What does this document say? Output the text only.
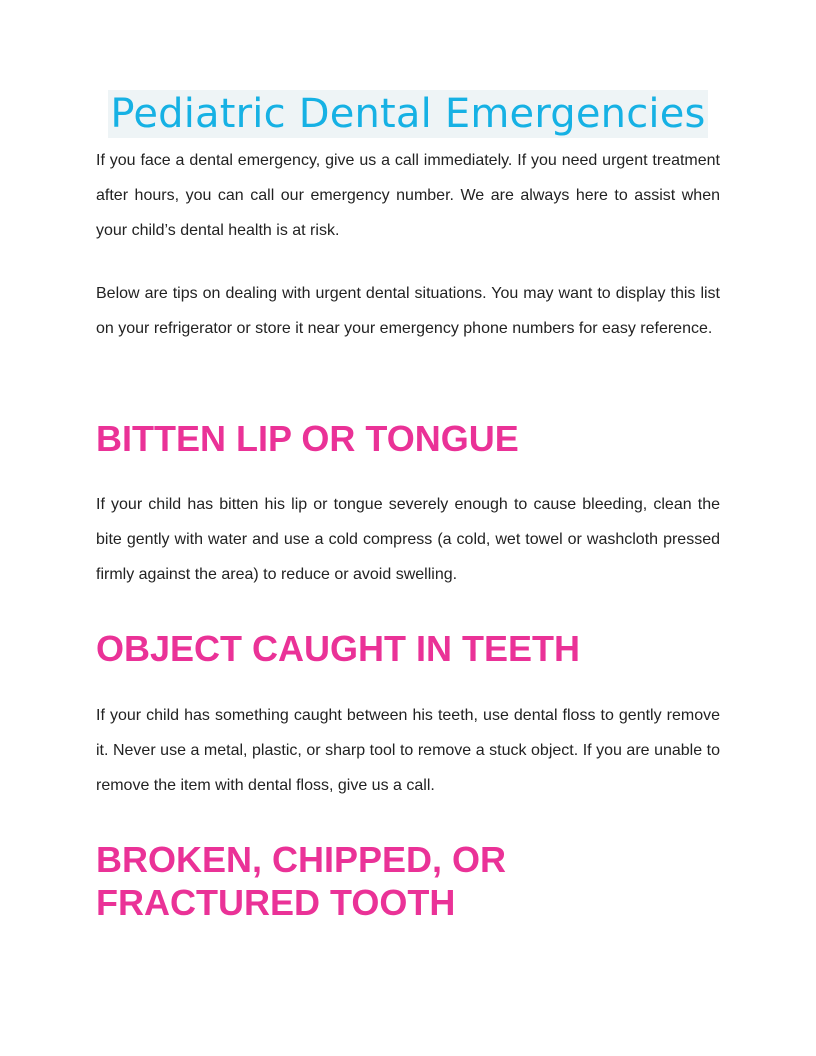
Pediatric Dental Emergencies

If you face a dental emergency, give us a call immediately. If you need urgent treatment after hours, you can call our emergency number. We are always here to assist when your child’s dental health is at risk.

Below are tips on dealing with urgent dental situations. You may want to display this list on your refrigerator or store it near your emergency phone numbers for easy reference.

BITTEN LIP OR TONGUE

If your child has bitten his lip or tongue severely enough to cause bleeding, clean the bite gently with water and use a cold compress (a cold, wet towel or washcloth pressed firmly against the area) to reduce or avoid swelling.

OBJECT CAUGHT IN TEETH

If your child has something caught between his teeth, use dental floss to gently remove it. Never use a metal, plastic, or sharp tool to remove a stuck object. If you are unable to remove the item with dental floss, give us a call.

BROKEN, CHIPPED, OR
FRACTURED TOOTH
